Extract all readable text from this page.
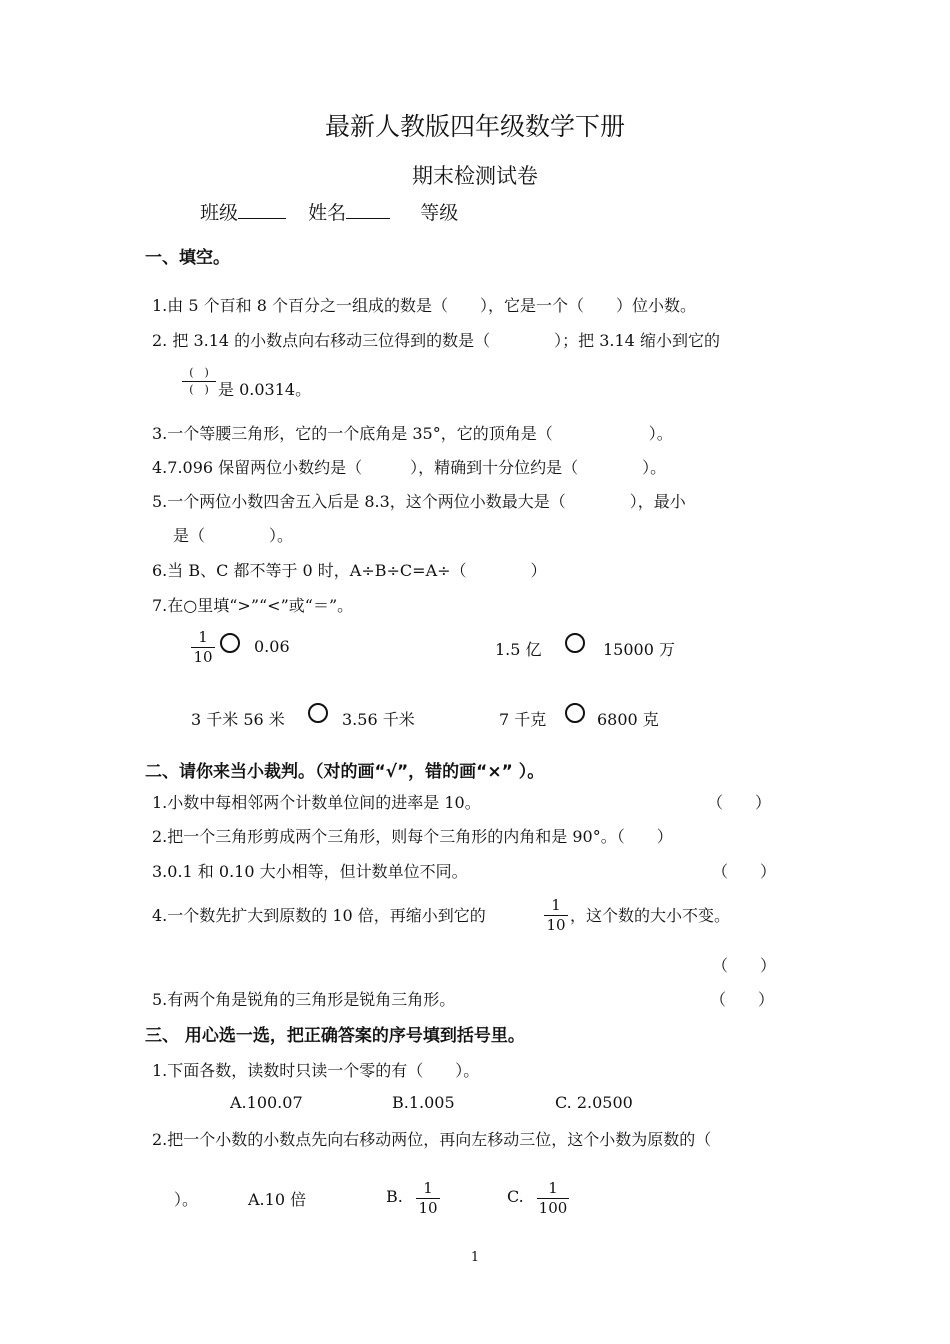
最新人教版四年级数学下册
期末检测试卷
班级	姓名	等级
一、填空。
1.由 5 个百和 8 个百分之一组成的数是（　　），它是一个（　　）位小数。
2. 把 3.14 的小数点向右移动三位得到的数是（　　　　）；把 3.14 缩小到它的
(　)
(　) 是 0.0314。
3.一个等腰三角形，它的一个底角是 35°，它的顶角是（　　　　　　）。
4.7.096 保留两位小数约是（　　　），精确到十分位约是（　　　　）。
5.一个两位小数四舍五入后是 8.3，这个两位小数最大是（　　　　），最小
是（　　　　）。
6.当 B、C 都不等于 0 时，A÷B÷C=A÷（　　　　）
7.在○里填“>”“<”或“＝”。
1
10
0.06	1.5 亿	15000 万
3 千米 56 米	3.56 千米	7 千克	6800 克
二、请你来当小裁判。（对的画“√”，错的画“×” ）。
1.小数中每相邻两个计数单位间的进率是 10。	（　　）
2.把一个三角形剪成两个三角形，则每个三角形的内角和是 90°。（　　）
3.0.1 和 0.10 大小相等，但计数单位不同。	（　　）
4.一个数先扩大到原数的 10 倍，再缩小到它的
1
10 ，这个数的大小不变。
（　　）
5.有两个角是锐角的三角形是锐角三角形。	（　　）
三、 用心选一选，把正确答案的序号填到括号里。
1.下面各数，读数时只读一个零的有（　　）。
A.100.07	B.1.005	C. 2.0500
2.把一个小数的小数点先向右移动两位，再向左移动三位，这个小数为原数的（
）。	A.10 倍	B.	1
10
C.	1
100
1
